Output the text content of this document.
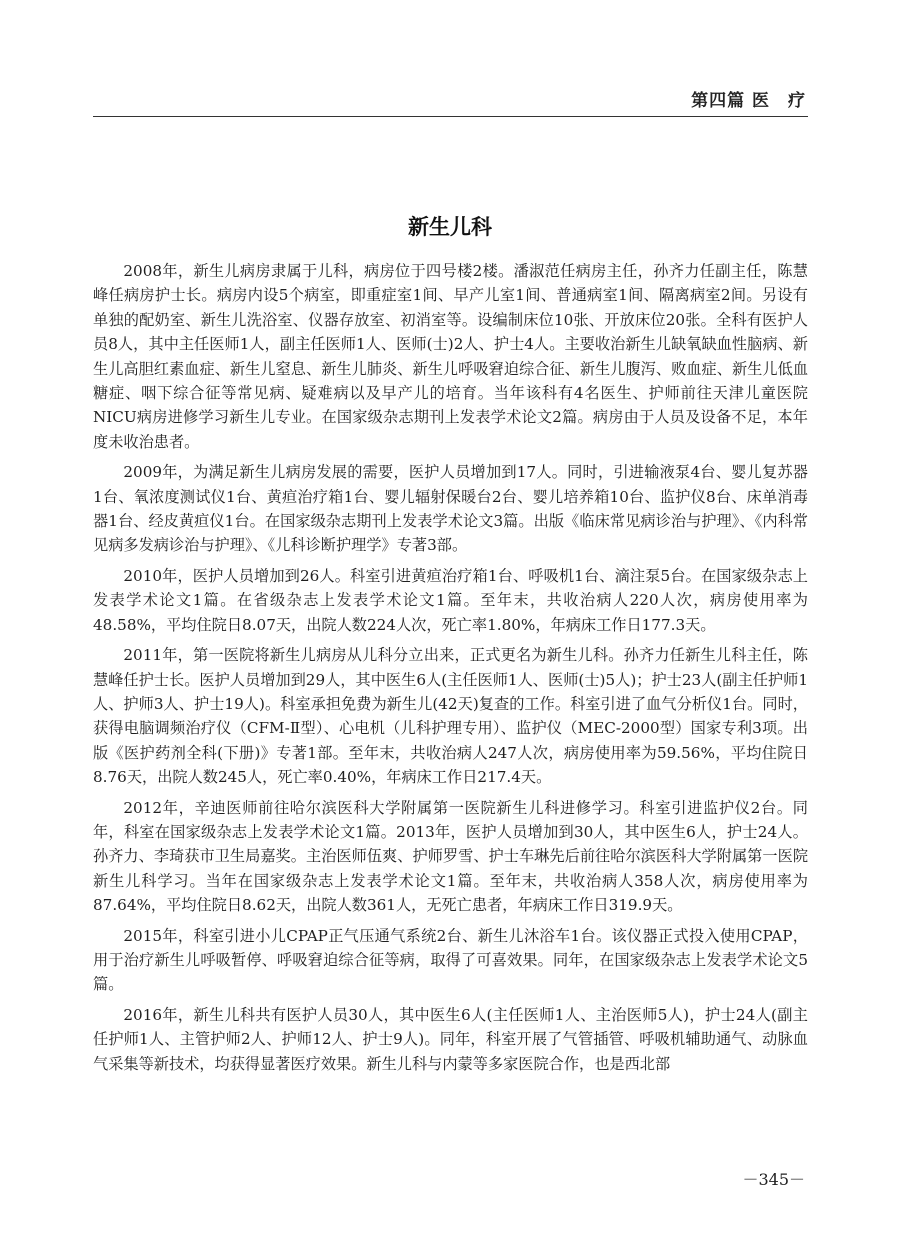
第四篇 医　疗
新生儿科

2008年，新生儿病房隶属于儿科，病房位于四号楼2楼。潘淑范任病房主任，孙齐力任副主任，陈慧峰任病房护士长。病房内设5个病室，即重症室1间、早产儿室1间、普通病室1间、隔离病室2间。另设有单独的配奶室、新生儿洗浴室、仪器存放室、初消室等。设编制床位10张、开放床位20张。全科有医护人员8人，其中主任医师1人，副主任医师1人、医师(士)2人、护士4人。主要收治新生儿缺氧缺血性脑病、新生儿高胆红素血症、新生儿窒息、新生儿肺炎、新生儿呼吸窘迫综合征、新生儿腹泻、败血症、新生儿低血糖症、咽下综合征等常见病、疑难病以及早产儿的培育。当年该科有4名医生、护师前往天津儿童医院NICU病房进修学习新生儿专业。在国家级杂志期刊上发表学术论文2篇。病房由于人员及设备不足，本年度未收治患者。

2009年，为满足新生儿病房发展的需要，医护人员增加到17人。同时，引进输液泵4台、婴儿复苏器1台、氧浓度测试仪1台、黄疸治疗箱1台、婴儿辐射保暖台2台、婴儿培养箱10台、监护仪8台、床单消毒器1台、经皮黄疸仪1台。在国家级杂志期刊上发表学术论文3篇。出版《临床常见病诊治与护理》、《内科常见病多发病诊治与护理》、《儿科诊断护理学》专著3部。

2010年，医护人员增加到26人。科室引进黄疸治疗箱1台、呼吸机1台、滴注泵5台。在国家级杂志上发表学术论文1篇。在省级杂志上发表学术论文1篇。至年末，共收治病人220人次，病房使用率为48.58%，平均住院日8.07天，出院人数224人次，死亡率1.80%，年病床工作日177.3天。

2011年，第一医院将新生儿病房从儿科分立出来，正式更名为新生儿科。孙齐力任新生儿科主任，陈慧峰任护士长。医护人员增加到29人，其中医生6人(主任医师1人、医师(士)5人)；护士23人(副主任护师1人、护师3人、护士19人)。科室承担免费为新生儿(42天)复查的工作。科室引进了血气分析仪1台。同时，获得电脑调频治疗仪（CFM-Ⅱ型）、心电机（儿科护理专用）、监护仪（MEC-2000型）国家专利3项。出版《医护药剂全科(下册)》专著1部。至年末，共收治病人247人次，病房使用率为59.56%，平均住院日8.76天，出院人数245人，死亡率0.40%，年病床工作日217.4天。

2012年，辛迪医师前往哈尔滨医科大学附属第一医院新生儿科进修学习。科室引进监护仪2台。同年，科室在国家级杂志上发表学术论文1篇。2013年，医护人员增加到30人，其中医生6人，护士24人。孙齐力、李琦获市卫生局嘉奖。主治医师伍爽、护师罗雪、护士车琳先后前往哈尔滨医科大学附属第一医院新生儿科学习。当年在国家级杂志上发表学术论文1篇。至年末，共收治病人358人次，病房使用率为87.64%，平均住院日8.62天，出院人数361人，无死亡患者，年病床工作日319.9天。

2015年，科室引进小儿CPAP正气压通气系统2台、新生儿沐浴车1台。该仪器正式投入使用CPAP，用于治疗新生儿呼吸暂停、呼吸窘迫综合征等病，取得了可喜效果。同年，在国家级杂志上发表学术论文5篇。

2016年，新生儿科共有医护人员30人，其中医生6人(主任医师1人、主治医师5人)，护士24人(副主任护师1人、主管护师2人、护师12人、护士9人)。同年，科室开展了气管插管、呼吸机辅助通气、动脉血气采集等新技术，均获得显著医疗效果。新生儿科与内蒙等多家医院合作，也是西北部

－345－
